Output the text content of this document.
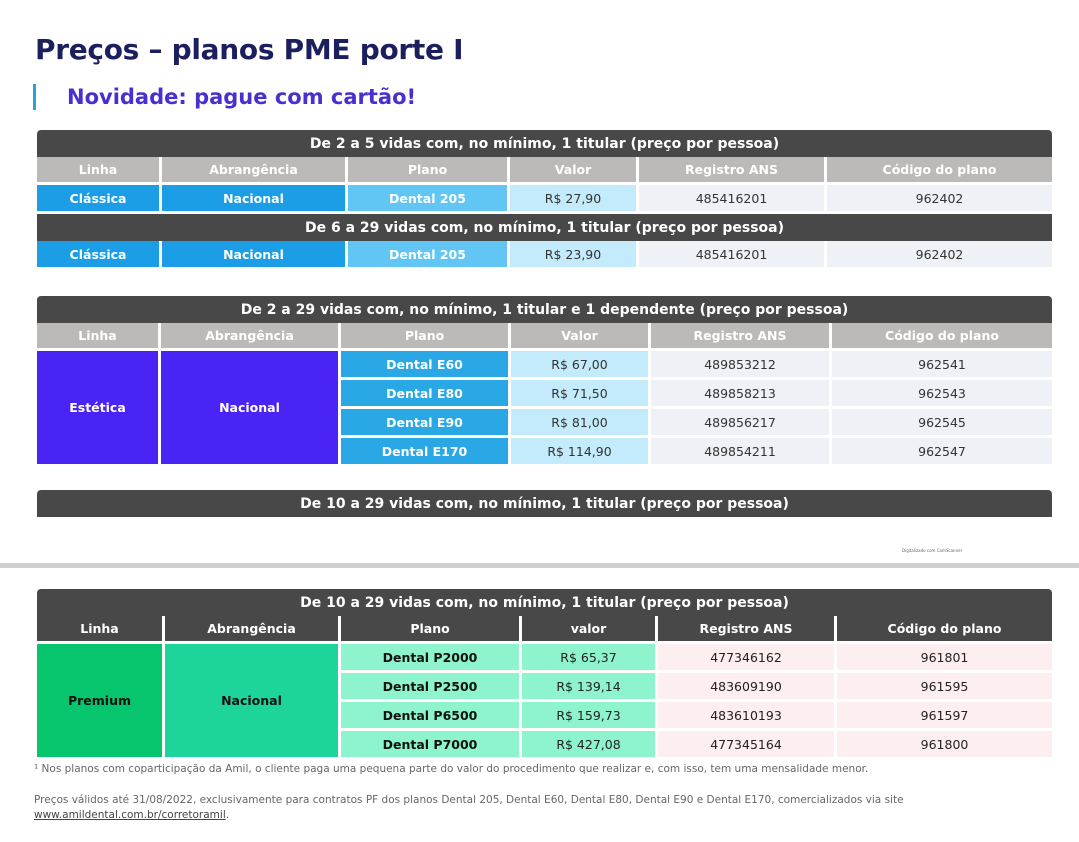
Preços – planos PME porte I
Novidade: pague com cartão!
De 2 a 5 vidas com, no mínimo, 1 titular (preço por pessoa)
Linha	Abrangência	Plano	Valor	Registro ANS	Código do plano
Clássica	Nacional	Dental 205	R$ 27,90	485416201	962402
De 6 a 29 vidas com, no mínimo, 1 titular (preço por pessoa)
Clássica	Nacional	Dental 205	R$ 23,90	485416201	962402
De 2 a 29 vidas com, no mínimo, 1 titular e 1 dependente (preço por pessoa)
Linha	Abrangência	Plano	Valor	Registro ANS	Código do plano
Estética	Nacional
Dental E60	R$ 67,00	489853212	962541
Dental E80	R$ 71,50	489858213	962543
Dental E90	R$ 81,00	489856217	962545
Dental E170	R$ 114,90	489854211	962547
De 10 a 29 vidas com, no mínimo, 1 titular (preço por pessoa)
Digitalizado com CamScanner
De 10 a 29 vidas com, no mínimo, 1 titular (preço por pessoa)
Linha	Abrangência	Plano	valor	Registro ANS	Código do plano
Premium	Nacional
Dental P2000	R$ 65,37	477346162	961801
Dental P2500	R$ 139,14	483609190	961595
Dental P6500	R$ 159,73	483610193	961597
Dental P7000	R$ 427,08	477345164	961800
¹ Nos planos com coparticipação da Amil, o cliente paga uma pequena parte do valor do procedimento que realizar e, com isso, tem uma mensalidade menor.
Preços válidos até 31/08/2022, exclusivamente para contratos PF dos planos Dental 205, Dental E60, Dental E80, Dental E90 e Dental E170, comercializados via site
www.amildental.com.br/corretoramil.
